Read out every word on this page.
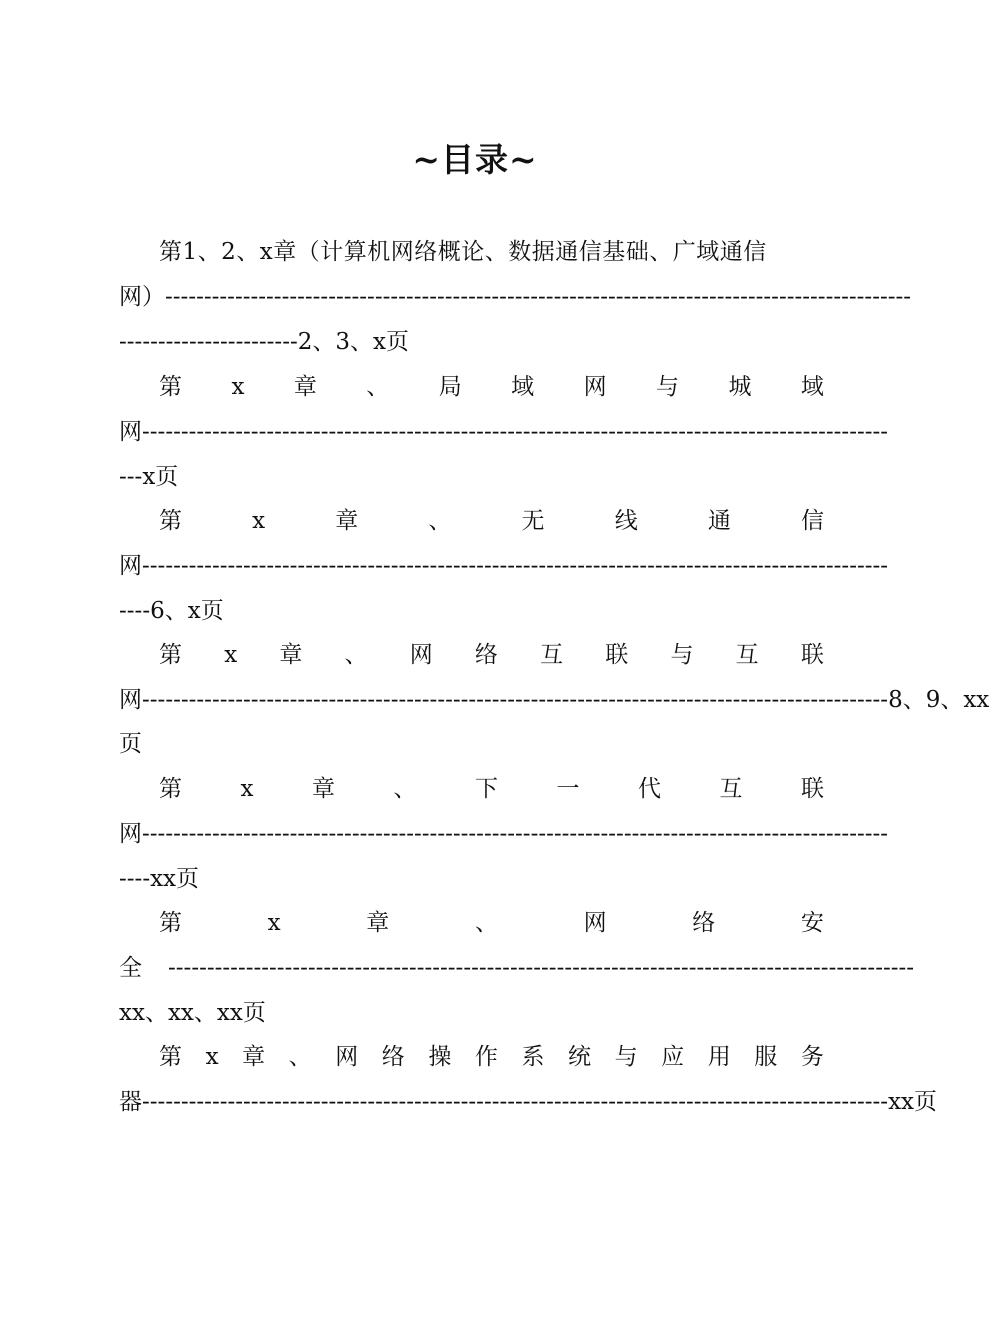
~目录~
第1、2、x章（计算机网络概论、数据通信基础、广域通信
网） ------------------------------------------------------------------------------------------------
-----------------------2、3、x页
第 x 章 、 局 域 网 与 城 域
网 ------------------------------------------------------------------------------------------------
---x页
第	x	章	、	无	线	通	信
网 ------------------------------------------------------------------------------------------------
----6、x页
第 x 章 、 网 络 互 联 与 互 联
网 ------------------------------------------------------------------------------------------------ 8、9、xx
页
第	x	章	、	下	一	代	互	联
网 ------------------------------------------------------------------------------------------------
----xx页
第	x	章	、	网	络	安
全 ------------------------------------------------------------------------------------------------
xx、xx、xx页
第 x 章 、 网 络 操 作 系 统 与 应 用 服 务
器 ------------------------------------------------------------------------------------------------ xx页
